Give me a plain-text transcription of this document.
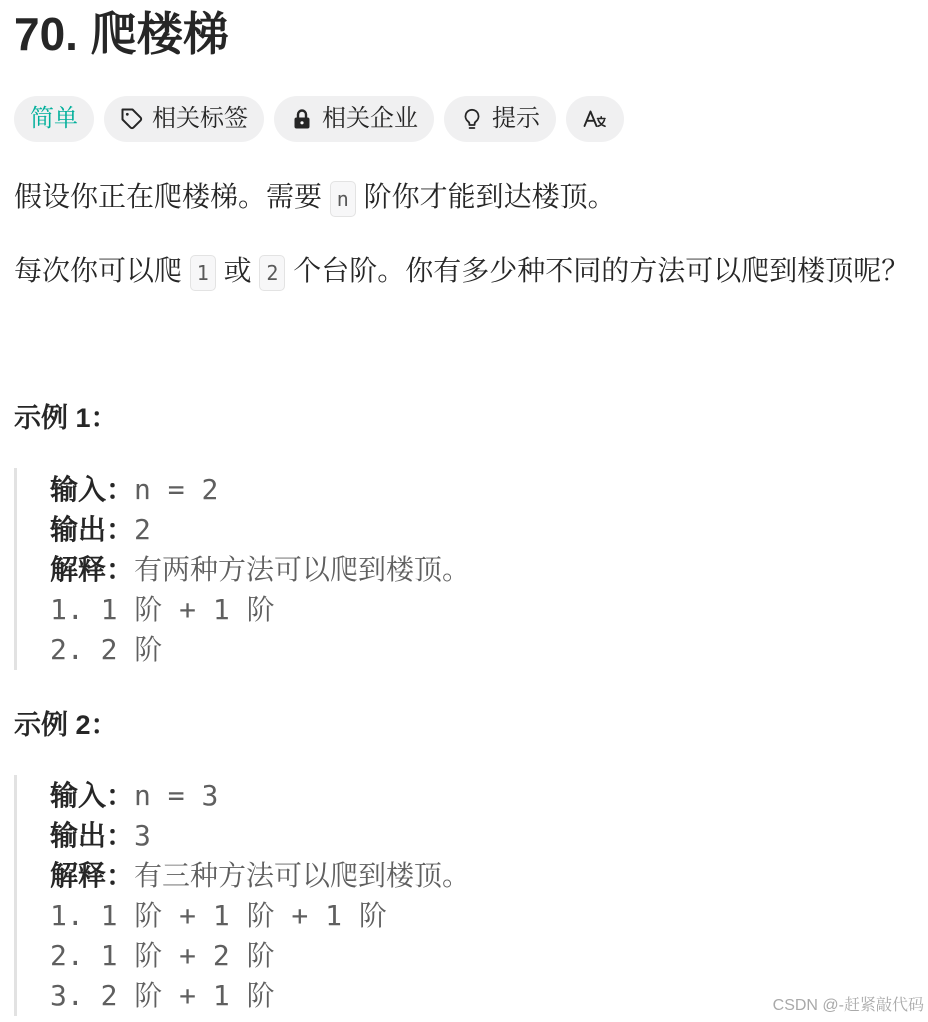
70. 爬楼梯
简单	相关标签	相关企业	提示

假设你正在爬楼梯。需要 n 阶你才能到达楼顶。

每次你可以爬 1 或 2 个台阶。你有多少种不同的方法可以爬到楼顶呢？

示例 1：
输入：n = 2
输出：2
解释：有两种方法可以爬到楼顶。
1. 1 阶 + 1 阶
2. 2 阶
示例 2：
输入：n = 3
输出：3
解释：有三种方法可以爬到楼顶。
1. 1 阶 + 1 阶 + 1 阶
2. 1 阶 + 2 阶
3. 2 阶 + 1 阶	CSDN @-赶紧敲代码
